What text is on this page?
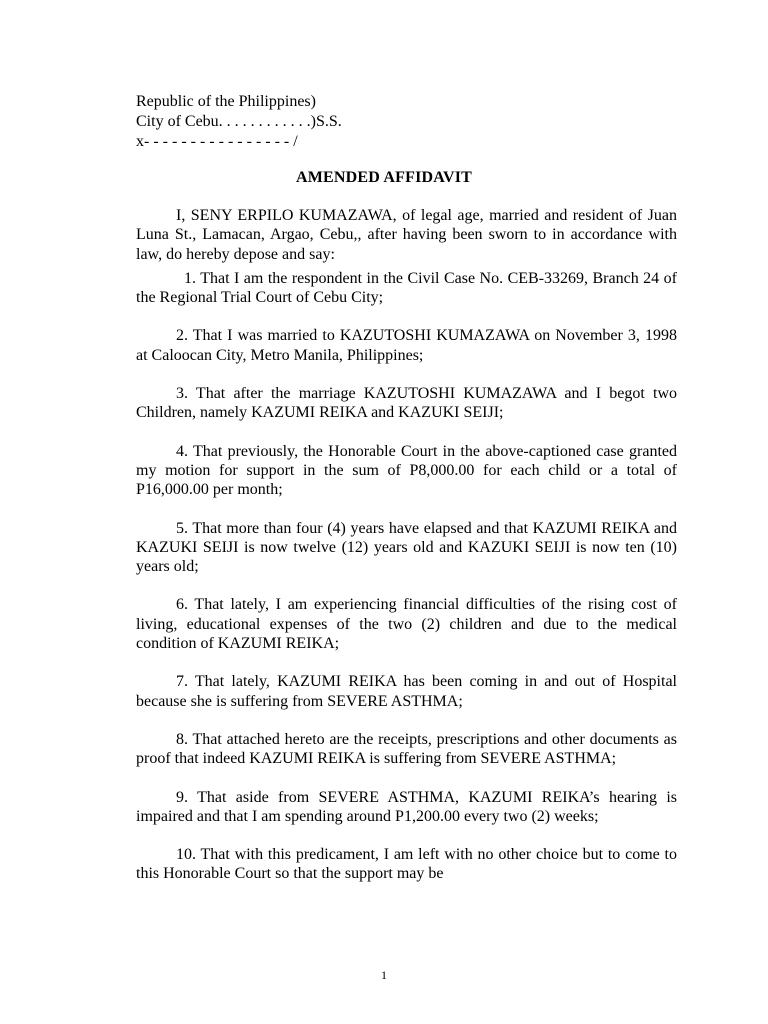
Republic of the Philippines)
City of Cebu. . . . . . . . . . . .)S.S.
x- - - - - - - - - - - - - - - - /
AMENDED AFFIDAVIT

I, SENY ERPILO KUMAZAWA, of legal age, married and resident of Juan Luna St., Lamacan, Argao, Cebu,, after having been sworn to in accordance with law, do hereby depose and say:

1. That I am the respondent in the Civil Case No. CEB-33269, Branch 24 of the Regional Trial Court of Cebu City;

2. That I was married to KAZUTOSHI KUMAZAWA on November 3, 1998 at Caloocan City, Metro Manila, Philippines;

3. That after the marriage KAZUTOSHI KUMAZAWA and I begot two Children, namely KAZUMI REIKA and KAZUKI SEIJI;

4. That previously, the Honorable Court in the above-captioned case granted my motion for support in the sum of P8,000.00 for each child or a total of P16,000.00 per month;

5. That more than four (4) years have elapsed and that KAZUMI REIKA and KAZUKI SEIJI is now twelve (12) years old and KAZUKI SEIJI is now ten (10) years old;

6. That lately, I am experiencing financial difficulties of the rising cost of living, educational expenses of the two (2) children and due to the medical condition of KAZUMI REIKA;

7. That lately, KAZUMI REIKA has been coming in and out of Hospital because she is suffering from SEVERE ASTHMA;

8. That attached hereto are the receipts, prescriptions and other documents as proof that indeed KAZUMI REIKA is suffering from SEVERE ASTHMA;

9. That aside from SEVERE ASTHMA, KAZUMI REIKA’s hearing is impaired and that I am spending around P1,200.00 every two (2) weeks;

10. That with this predicament, I am left with no other choice but to come to this Honorable Court so that the support may be

1
